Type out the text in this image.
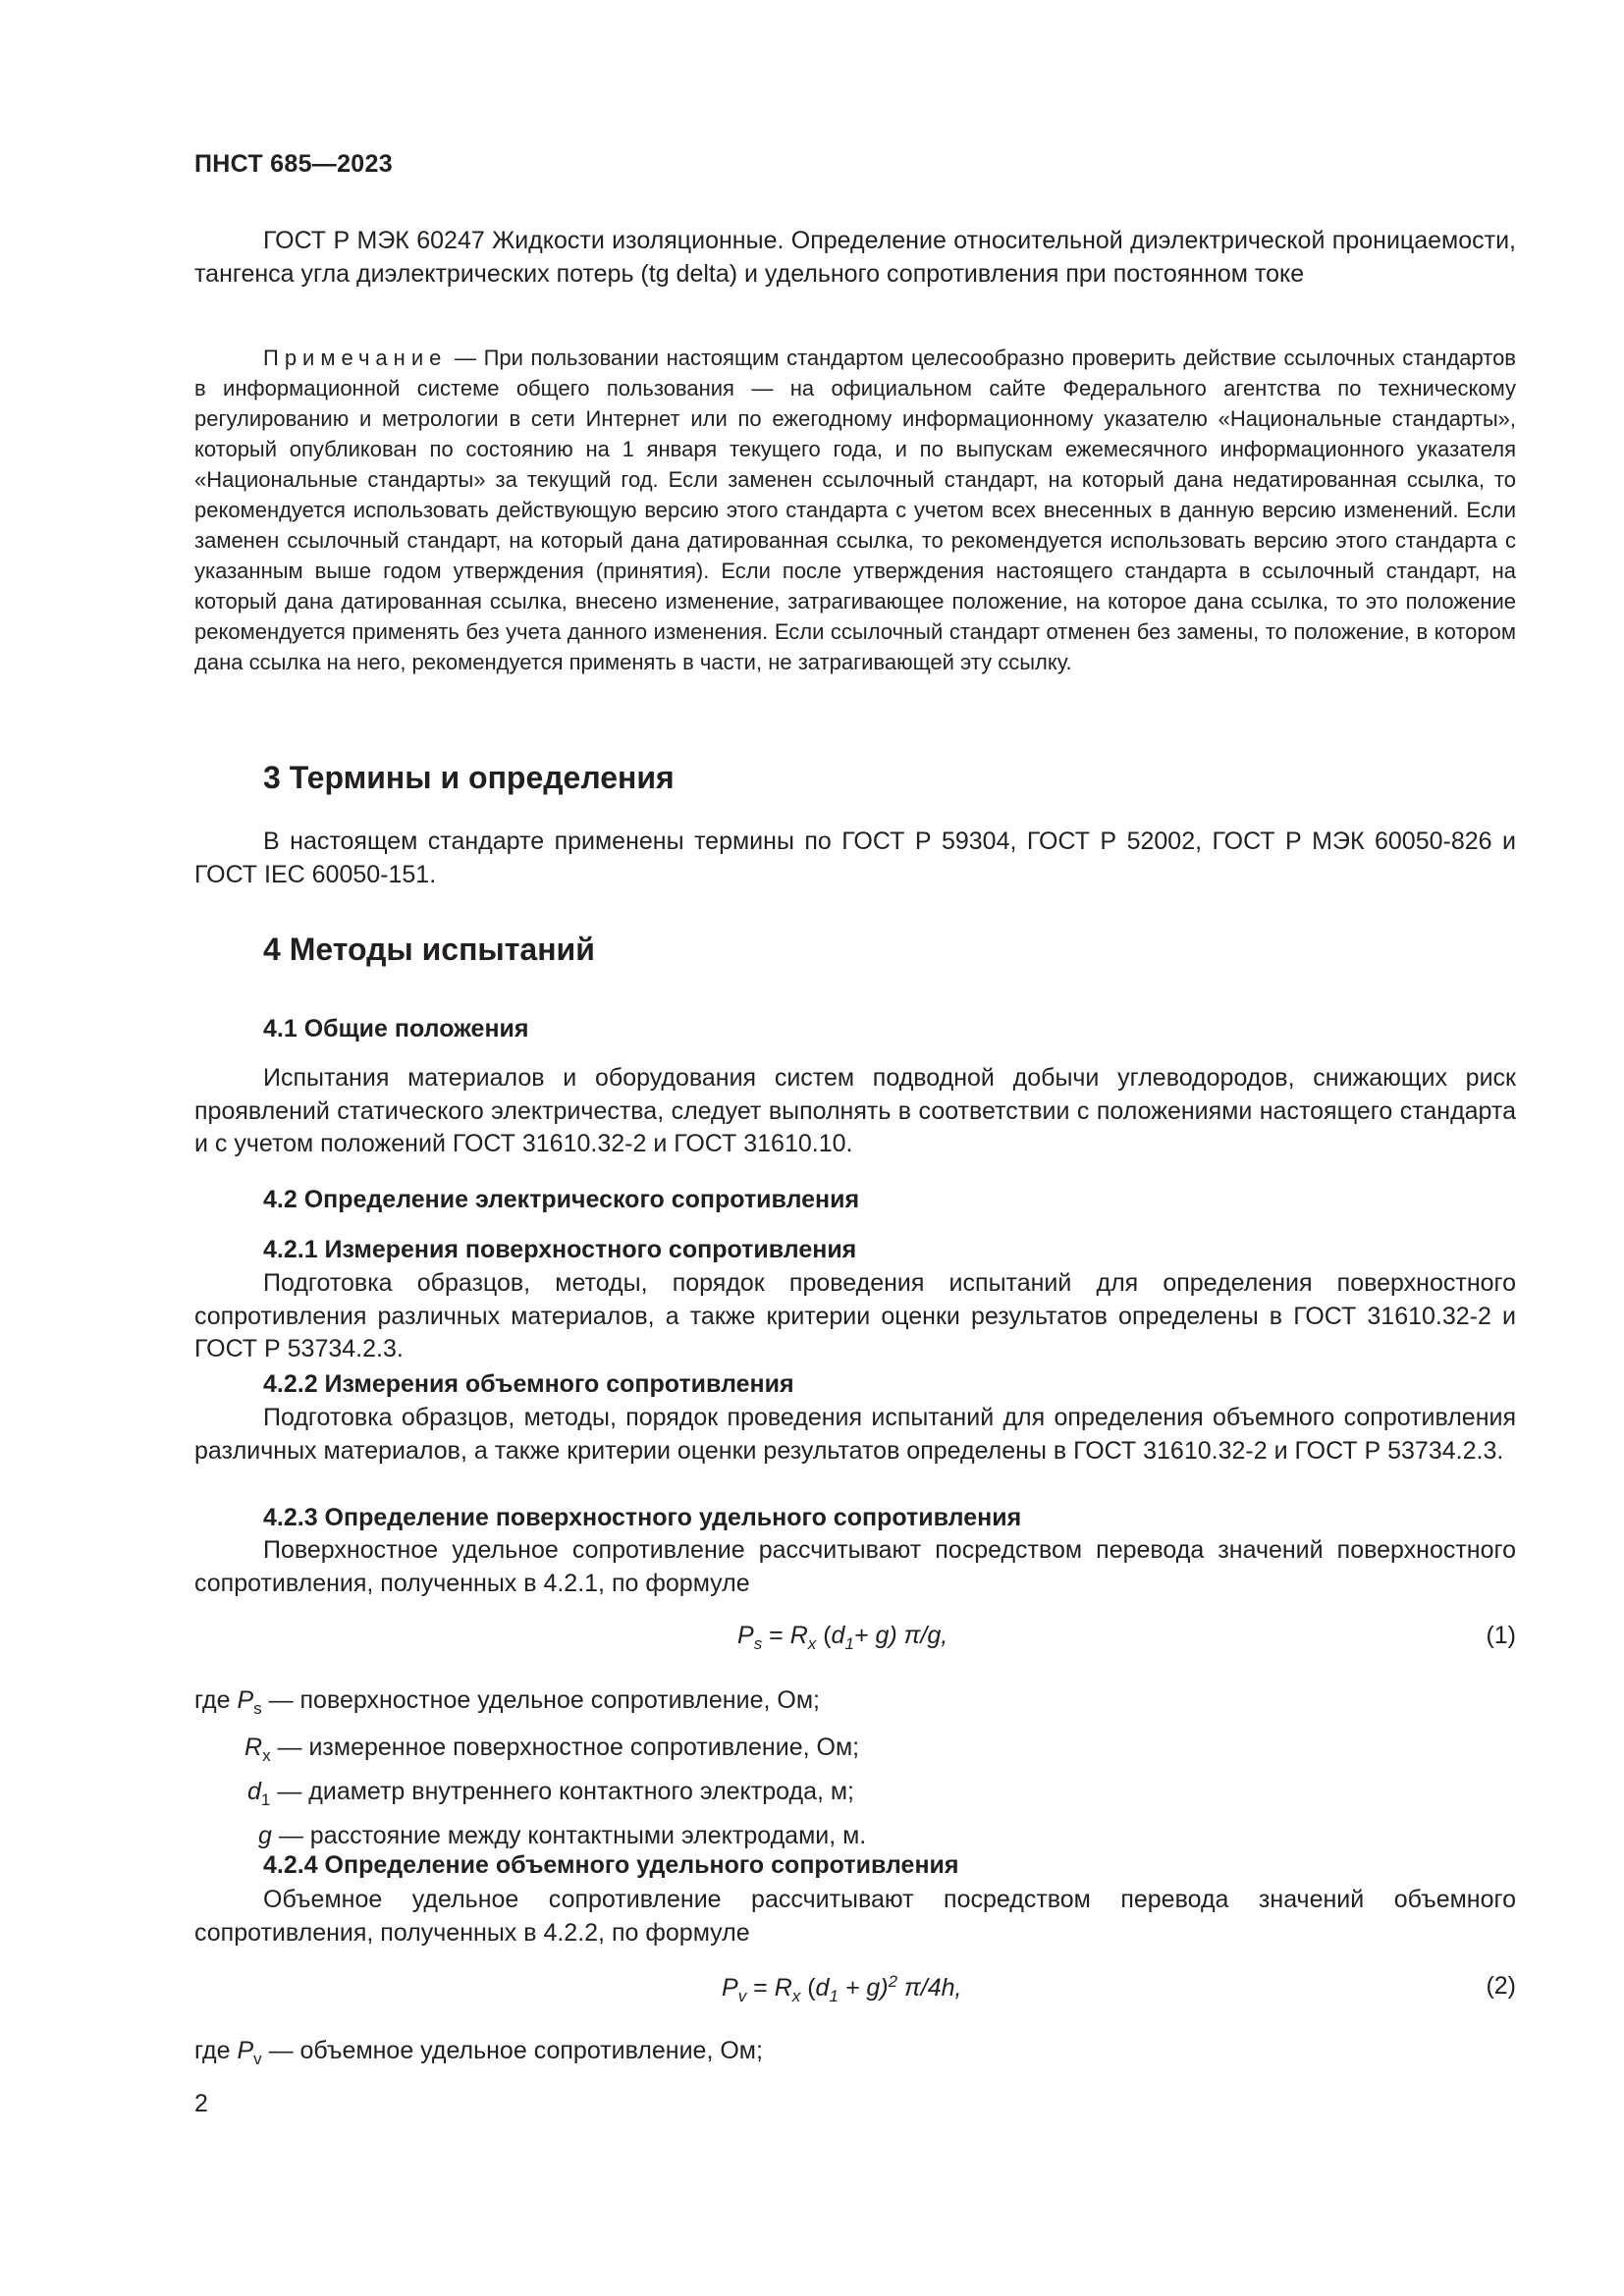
ПНСТ 685—2023

ГОСТ Р МЭК 60247 Жидкости изоляционные. Определение относительной диэлектрической проницаемости, тангенса угла диэлектрических потерь (tg delta) и удельного сопротивления при постоянном токе

Примечание — При пользовании настоящим стандартом целесообразно проверить действие ссылочных стандартов в информационной системе общего пользования — на официальном сайте Федерального агентства по техническому регулированию и метрологии в сети Интернет или по ежегодному информационному указателю «Национальные стандарты», который опубликован по состоянию на 1 января текущего года, и по выпускам ежемесячного информационного указателя «Национальные стандарты» за текущий год. Если заменен ссылочный стандарт, на который дана недатированная ссылка, то рекомендуется использовать действующую версию этого стандарта с учетом всех внесенных в данную версию изменений. Если заменен ссылочный стандарт, на который дана датированная ссылка, то рекомендуется использовать версию этого стандарта с указанным выше годом утверждения (принятия). Если после утверждения настоящего стандарта в ссылочный стандарт, на который дана датированная ссылка, внесено изменение, затрагивающее положение, на которое дана ссылка, то это положение рекомендуется применять без учета данного изменения. Если ссылочный стандарт отменен без замены, то положение, в котором дана ссылка на него, рекомендуется применять в части, не затрагивающей эту ссылку.

3 Термины и определения

В настоящем стандарте применены термины по ГОСТ Р 59304, ГОСТ Р 52002, ГОСТ Р МЭК 60050-826 и ГОСТ IEC 60050-151.

4 Методы испытаний
4.1 Общие положения

Испытания материалов и оборудования систем подводной добычи углеводородов, снижающих риск проявлений статического электричества, следует выполнять в соответствии с положениями настоящего стандарта и с учетом положений ГОСТ 31610.32-2 и ГОСТ 31610.10.

4.2 Определение электрического сопротивления
4.2.1 Измерения поверхностного сопротивления

Подготовка образцов, методы, порядок проведения испытаний для определения поверхностного сопротивления различных материалов, а также критерии оценки результатов определены в ГОСТ 31610.32-2 и ГОСТ Р 53734.2.3.

4.2.2 Измерения объемного сопротивления

Подготовка образцов, методы, порядок проведения испытаний для определения объемного сопротивления различных материалов, а также критерии оценки результатов определены в ГОСТ 31610.32-2 и ГОСТ Р 53734.2.3.

4.2.3 Определение поверхностного удельного сопротивления

Поверхностное удельное сопротивление рассчитывают посредством перевода значений поверхностного сопротивления, полученных в 4.2.1, по формуле

$P_s = R_x$ $(d_1+ g)$ π/g,	(1)
где $P_s$ — поверхностное удельное сопротивление, Ом;
$R_x$ — измеренное поверхностное сопротивление, Ом;
$d_1$ — диаметр внутреннего контактного электрода, м;
g — расстояние между контактными электродами, м.
4.2.4 Определение объемного удельного сопротивления

Объемное удельное сопротивление рассчитывают посредством перевода значений объемного сопротивления, полученных в 4.2.2, по формуле

$P_v = R_x$ $(d_1 + g)^2$ π/4h,	(2)
где $P_v$ — объемное удельное сопротивление, Ом;
2
